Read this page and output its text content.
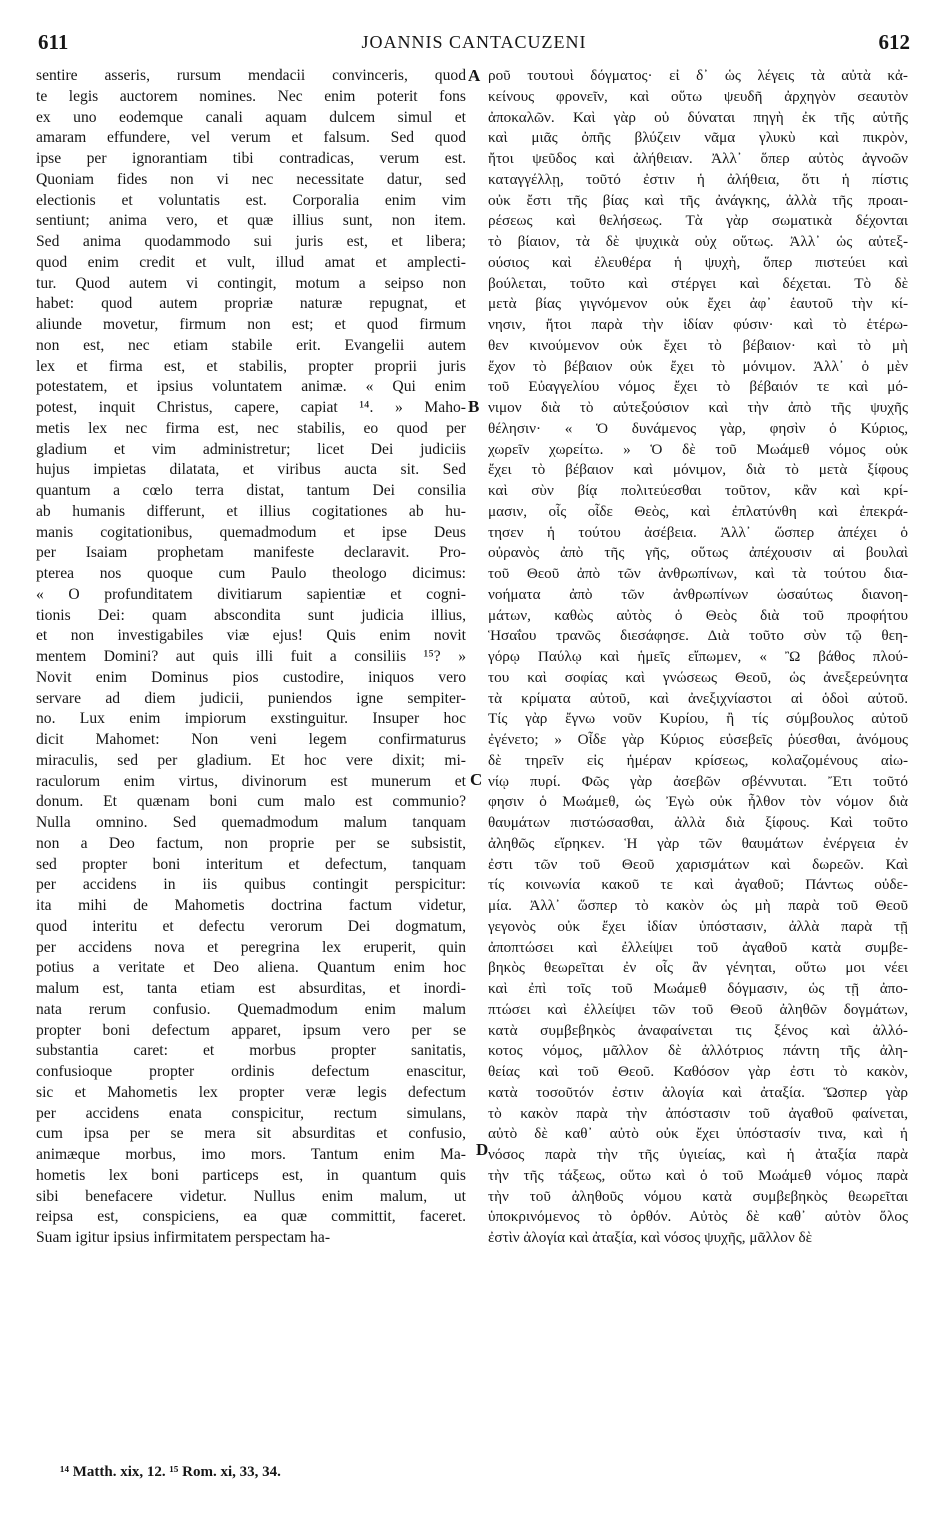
611	JOANNIS CANTACUZENI	612

sentire asseris, rursum mendacii convinceris, quod

te legis auctorem nomines. Nec enim poterit fons

ex uno eodemque canali aquam dulcem simul et

amaram effundere, vel verum et falsum. Sed quod

ipse per ignorantiam tibi contradicas, verum est.

Quoniam fides non vi nec necessitate datur, sed

electionis et voluntatis est. Corporalia enim vim

sentiunt; anima vero, et quæ illius sunt, non item.

Sed anima quodammodo sui juris est, et libera;

quod enim credit et vult, illud amat et amplecti-

tur. Quod autem vi contingit, motum a seipso non

habet: quod autem propriæ naturæ repugnat, et

aliunde movetur, firmum non est; et quod firmum

non est, nec etiam stabile erit. Evangelii autem

lex et firma est, et stabilis, propter proprii juris

potestatem, et ipsius voluntatem animæ. « Qui enim

potest, inquit Christus, capere, capiat ¹⁴. » Maho-

metis lex nec firma est, nec stabilis, eo quod per

gladium et vim administretur; licet Dei judiciis

hujus impietas dilatata, et viribus aucta sit. Sed

quantum a cœlo terra distat, tantum Dei consilia

ab humanis differunt, et illius cogitationes ab hu-

manis cogitationibus, quemadmodum et ipse Deus

per Isaiam prophetam manifeste declaravit. Pro-

pterea nos quoque cum Paulo theologo dicimus:

« O profunditatem divitiarum sapientiæ et cogni-

tionis Dei: quam abscondita sunt judicia illius,

et non investigabiles viæ ejus! Quis enim novit

mentem Domini? aut quis illi fuit a consiliis ¹⁵? »

Novit enim Dominus pios custodire, iniquos vero

servare ad diem judicii, puniendos igne sempiter-

no. Lux enim impiorum exstinguitur. Insuper hoc

dicit Mahomet: Non veni legem confirmaturus

miraculis, sed per gladium. Et hoc vere dixit; mi-

raculorum enim virtus, divinorum est munerum et

donum. Et quænam boni cum malo est communio?

Nulla omnino. Sed quemadmodum malum tanquam

non a Deo factum, non proprie per se subsistit,

sed propter boni interitum et defectum, tanquam

per accidens in iis quibus contingit perspicitur:

ita mihi de Mahometis doctrina factum videtur,

quod interitu et defectu verorum Dei dogmatum,

per accidens nova et peregrina lex eruperit, quin

potius a veritate et Deo aliena. Quantum enim hoc

malum est, tanta etiam est absurditas, et inordi-

nata rerum confusio. Quemadmodum enim malum

propter boni defectum apparet, ipsum vero per se

substantia caret: et morbus propter sanitatis,

confusioque propter ordinis defectum enascitur,

sic et Mahometis lex propter veræ legis defectum

per accidens enata conspicitur, rectum simulans,

cum ipsa per se mera sit absurditas et confusio,

animæque morbus, imo mors. Tantum enim Ma-

hometis lex boni particeps est, in quantum quis

sibi benefacere videtur. Nullus enim malum, ut

reipsa est, conspiciens, ea quæ committit, faceret.

Suam igitur ipsius infirmitatem perspectam ha-

ροῦ τουτουὶ δόγματος· εἰ δ᾽ ὡς λέγεις τὰ αὐτὰ κἀ-

κείνους φρονεῖν, καὶ οὕτω ψευδῆ ἀρχηγὸν σεαυτὸν

ἀποκαλῶν. Καὶ γὰρ οὐ δύναται πηγὴ ἐκ τῆς αὐτῆς

καὶ μιᾶς ὀπῆς βλύζειν νᾶμα γλυκὺ καὶ πικρὸν,

ἤτοι ψεῦδος καὶ ἀλήθειαν. Ἀλλ᾽ ὅπερ αὐτὸς ἀγνοῶν

καταγγέλλῃ, τοῦτό ἐστιν ἡ ἀλήθεια, ὅτι ἡ πίστις

οὐκ ἔστι τῆς βίας καὶ τῆς ἀνάγκης, ἀλλὰ τῆς προαι-

ρέσεως καὶ θελήσεως. Τὰ γὰρ σωματικὰ δέχονται

τὸ βίαιον, τὰ δὲ ψυχικὰ οὐχ οὕτως. Ἀλλ᾽ ὡς αὐτεξ-

ούσιος καὶ ἐλευθέρα ἡ ψυχὴ, ὅπερ πιστεύει καὶ

βούλεται, τοῦτο καὶ στέργει καὶ δέχεται. Τὸ δὲ

μετὰ βίας γιγνόμενον οὐκ ἔχει ἀφ᾽ ἑαυτοῦ τὴν κί-

νησιν, ἤτοι παρὰ τὴν ἰδίαν φύσιν· καὶ τὸ ἑτέρω-

θεν κινούμενον οὐκ ἔχει τὸ βέβαιον· καὶ τὸ μὴ

ἔχον τὸ βέβαιον οὐκ ἔχει τὸ μόνιμον. Ἀλλ᾽ ὁ μὲν

τοῦ Εὐαγγελίου νόμος ἔχει τὸ βέβαιόν τε καὶ μό-

νιμον διὰ τὸ αὐτεξούσιον καὶ τὴν ἀπὸ τῆς ψυχῆς

θέλησιν· « Ὁ δυνάμενος γὰρ, φησὶν ὁ Κύριος,

χωρεῖν χωρείτω. » Ὁ δὲ τοῦ Μωάμεθ νόμος οὐκ

ἔχει τὸ βέβαιον καὶ μόνιμον, διὰ τὸ μετὰ ξίφους

καὶ σὺν βίᾳ πολιτεύεσθαι τοῦτον, κἂν καὶ κρί-

μασιν, οἷς οἶδε Θεὸς, καὶ ἐπλατύνθη καὶ ἐπεκρά-

τησεν ἡ τούτου ἀσέβεια. Ἀλλ᾽ ὥσπερ ἀπέχει ὁ

οὐρανὸς ἀπὸ τῆς γῆς, οὕτως ἀπέχουσιν αἱ βουλαὶ

τοῦ Θεοῦ ἀπὸ τῶν ἀνθρωπίνων, καὶ τὰ τούτου δια-

νοήματα ἀπὸ τῶν ἀνθρωπίνων ὡσαύτως διανοη-

μάτων, καθὼς αὐτὸς ὁ Θεὸς διὰ τοῦ προφήτου

Ἡσαΐου τρανῶς διεσάφησε. Διὰ τοῦτο σὺν τῷ θεη-

γόρῳ Παύλῳ καὶ ἡμεῖς εἴπωμεν, « Ὢ βάθος πλού-

του καὶ σοφίας καὶ γνώσεως Θεοῦ, ὡς ἀνεξερεύνητα

τὰ κρίματα αὐτοῦ, καὶ ἀνεξιχνίαστοι αἱ ὁδοὶ αὐτοῦ.

Τίς γὰρ ἔγνω νοῦν Κυρίου, ἢ τίς σύμβουλος αὐτοῦ

ἐγένετο; » Οἶδε γὰρ Κύριος εὐσεβεῖς ῥύεσθαι, ἀνόμους

δὲ τηρεῖν εἰς ἡμέραν κρίσεως, κολαζομένους αἰω-

νίῳ πυρί. Φῶς γὰρ ἀσεβῶν σβέννυται. Ἔτι τοῦτό

φησιν ὁ Μωάμεθ, ὡς Ἐγὼ οὐκ ἦλθον τὸν νόμον διὰ

θαυμάτων πιστώσασθαι, ἀλλὰ διὰ ξίφους. Καὶ τοῦτο

ἀληθῶς εἴρηκεν. Ἡ γὰρ τῶν θαυμάτων ἐνέργεια ἐν

ἐστι τῶν τοῦ Θεοῦ χαρισμάτων καὶ δωρεῶν. Καὶ

τίς κοινωνία κακοῦ τε καὶ ἀγαθοῦ; Πάντως οὐδε-

μία. Ἀλλ᾽ ὥσπερ τὸ κακὸν ὡς μὴ παρὰ τοῦ Θεοῦ

γεγονὸς οὐκ ἔχει ἰδίαν ὑπόστασιν, ἀλλὰ παρὰ τῇ

ἀποπτώσει καὶ ἐλλείψει τοῦ ἀγαθοῦ κατὰ συμβε-

βηκὸς θεωρεῖται ἐν οἷς ἂν γένηται, οὕτω μοι νέει

καὶ ἐπὶ τοῖς τοῦ Μωάμεθ δόγμασιν, ὡς τῇ ἀπο-

πτώσει καὶ ἐλλείψει τῶν τοῦ Θεοῦ ἀληθῶν δογμάτων,

κατὰ συμβεβηκὸς ἀναφαίνεται τις ξένος καὶ ἀλλό-

κοτος νόμος, μᾶλλον δὲ ἀλλότριος πάντη τῆς ἀλη-

θείας καὶ τοῦ Θεοῦ. Καθόσον γὰρ ἐστι τὸ κακὸν,

κατὰ τοσοῦτόν ἐστιν ἀλογία καὶ ἀταξία. Ὥσπερ γὰρ

τὸ κακὸν παρὰ τὴν ἀπόστασιν τοῦ ἀγαθοῦ φαίνεται,

αὐτὸ δὲ καθ᾽ αὐτὸ οὐκ ἔχει ὑπόστασίν τινα, καὶ ἡ

νόσος παρὰ τὴν τῆς ὑγιείας, καὶ ἡ ἀταξία παρὰ

τὴν τῆς τάξεως, οὕτω καὶ ὁ τοῦ Μωάμεθ νόμος παρὰ

τὴν τοῦ ἀληθοῦς νόμου κατὰ συμβεβηκὸς θεωρεῖται

ὑποκρινόμενος τὸ ὀρθόν. Αὐτὸς δὲ καθ᾽ αὐτὸν ὅλος

ἐστὶν ἀλογία καὶ ἀταξία, καὶ νόσος ψυχῆς, μᾶλλον δὲ

A
B
C
D
¹⁴ Matth. xix, 12. ¹⁵ Rom. xi, 33, 34.
